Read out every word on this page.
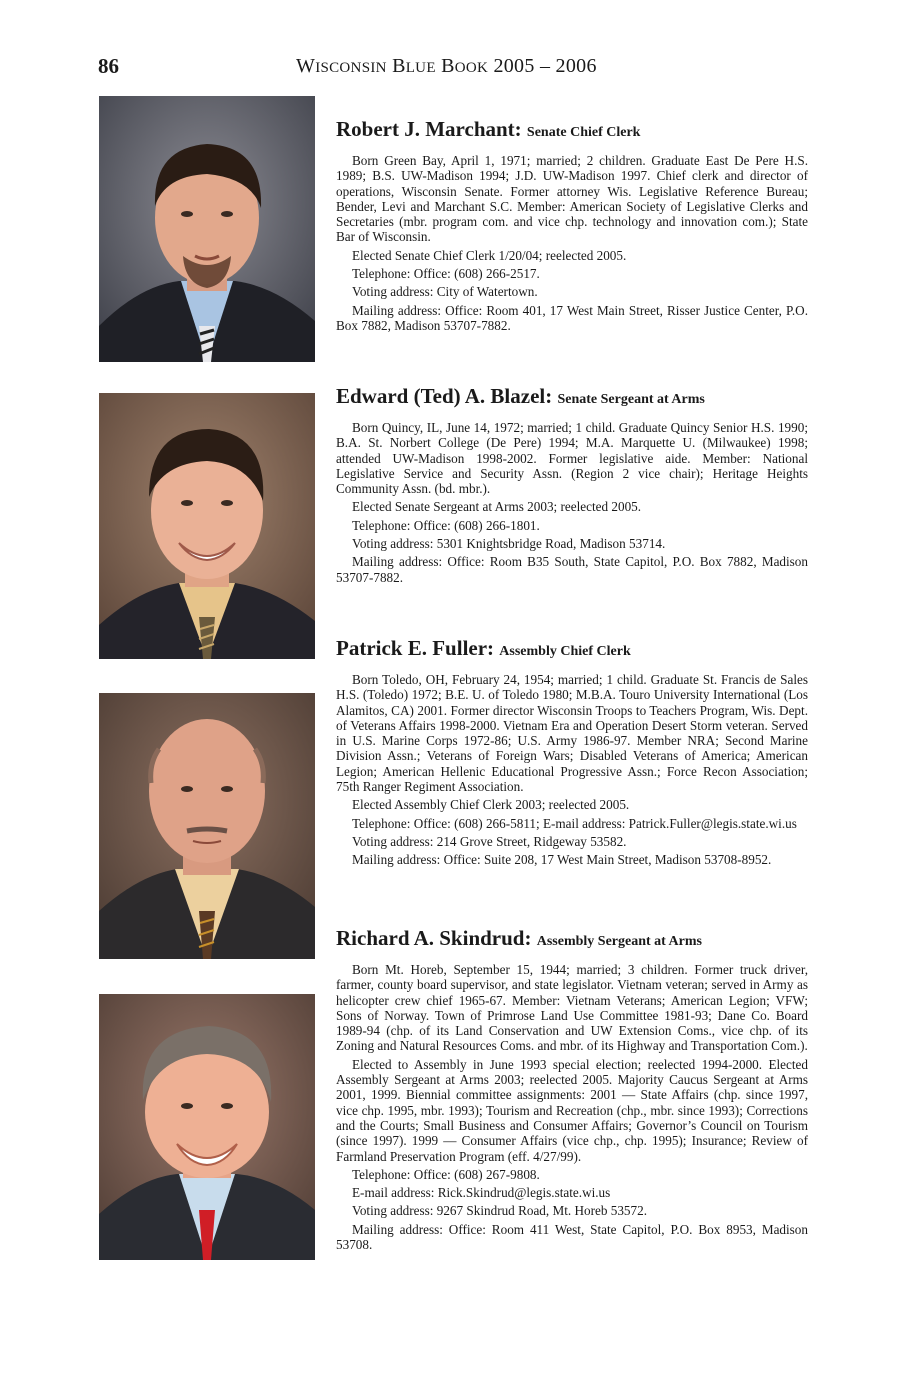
86	WISCONSIN BLUE BOOK 2005 – 2006
Robert J. Marchant: Senate Chief Clerk

Born Green Bay, April 1, 1971; married; 2 children. Graduate East De Pere H.S. 1989; B.S. UW-Madison 1994; J.D. UW-Madison 1997. Chief clerk and director of operations, Wisconsin Senate. Former attorney Wis. Legislative Reference Bureau; Bender, Levi and Marchant S.C. Member: American Society of Legislative Clerks and Secretaries (mbr. program com. and vice chp. technology and innovation com.); State Bar of Wisconsin.

Elected Senate Chief Clerk 1/20/04; reelected 2005.

Telephone: Office: (608) 266-2517.

Voting address: City of Watertown.

Mailing address: Office: Room 401, 17 West Main Street, Risser Justice Center, P.O. Box 7882, Madison 53707-7882.

Edward (Ted) A. Blazel: Senate Sergeant at Arms

Born Quincy, IL, June 14, 1972; married; 1 child. Graduate Quincy Senior H.S. 1990; B.A. St. Norbert College (De Pere) 1994; M.A. Marquette U. (Milwaukee) 1998; attended UW-Madison 1998-2002. Former legislative aide. Member: National Legislative Service and Security Assn. (Region 2 vice chair); Heritage Heights Community Assn. (bd. mbr.).

Elected Senate Sergeant at Arms 2003; reelected 2005.

Telephone: Office: (608) 266-1801.

Voting address: 5301 Knightsbridge Road, Madison 53714.

Mailing address: Office: Room B35 South, State Capitol, P.O. Box 7882, Madison 53707-7882.

Patrick E. Fuller: Assembly Chief Clerk

Born Toledo, OH, February 24, 1954; married; 1 child. Graduate St. Francis de Sales H.S. (Toledo) 1972; B.E. U. of Toledo 1980; M.B.A. Touro University International (Los Alamitos, CA) 2001. Former director Wisconsin Troops to Teachers Program, Wis. Dept. of Veterans Affairs 1998-2000. Vietnam Era and Operation Desert Storm veteran. Served in U.S. Marine Corps 1972-86; U.S. Army 1986-97. Member NRA; Second Marine Division Assn.; Veterans of Foreign Wars; Disabled Veterans of America; American Legion; American Hellenic Educational Progressive Assn.; Force Recon Association; 75th Ranger Regiment Association.

Elected Assembly Chief Clerk 2003; reelected 2005.

Telephone: Office: (608) 266-5811; E-mail address: Patrick.Fuller@legis.state.wi.us

Voting address: 214 Grove Street, Ridgeway 53582.

Mailing address: Office: Suite 208, 17 West Main Street, Madison 53708-8952.

Richard A. Skindrud: Assembly Sergeant at Arms

Born Mt. Horeb, September 15, 1944; married; 3 children. Former truck driver, farmer, county board supervisor, and state legislator. Vietnam veteran; served in Army as helicopter crew chief 1965-67. Member: Vietnam Veterans; American Legion; VFW; Sons of Norway. Town of Primrose Land Use Committee 1981-93; Dane Co. Board 1989-94 (chp. of its Land Conservation and UW Extension Coms., vice chp. of its Zoning and Natural Resources Coms. and mbr. of its Highway and Transportation Com.).

Elected to Assembly in June 1993 special election; reelected 1994-2000. Elected Assembly Sergeant at Arms 2003; reelected 2005. Majority Caucus Sergeant at Arms 2001, 1999. Biennial committee assignments: 2001 — State Affairs (chp. since 1997, vice chp. 1995, mbr. 1993); Tourism and Recreation (chp., mbr. since 1993); Corrections and the Courts; Small Business and Consumer Affairs; Governor’s Council on Tourism (since 1997). 1999 — Consumer Affairs (vice chp., chp. 1995); Insurance; Review of Farmland Preservation Program (eff. 4/27/99).

Telephone: Office: (608) 267-9808.

E-mail address: Rick.Skindrud@legis.state.wi.us

Voting address: 9267 Skindrud Road, Mt. Horeb 53572.

Mailing address: Office: Room 411 West, State Capitol, P.O. Box 8953, Madison 53708.
